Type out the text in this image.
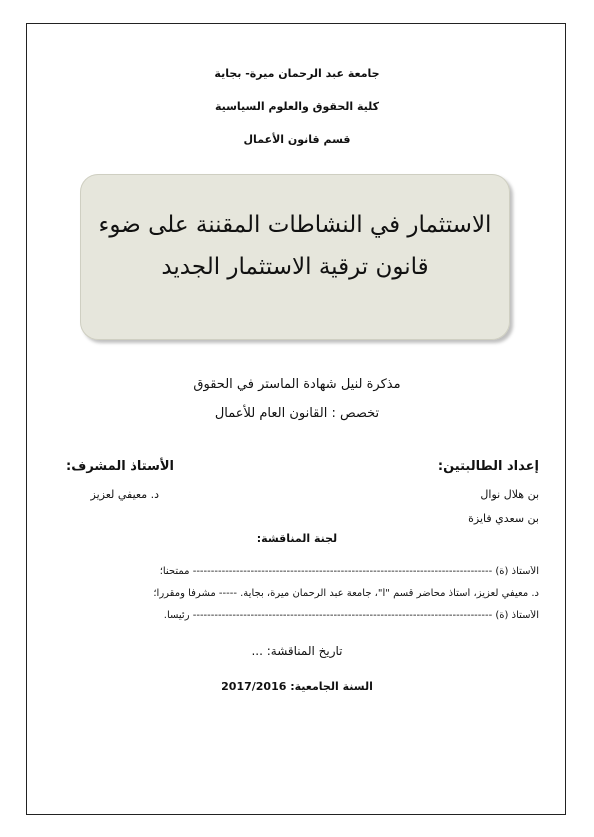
جامعة عبد الرحمان ميرة- بجاية
كلية الحقوق والعلوم السياسية
قسم قانون الأعمال
الاستثمار في النشاطات المقننة على ضوء
قانون ترقية الاستثمار الجديد
مذكرة لنيل شهادة الماستر في الحقوق
تخصص : القانون العام للأعمال
إعداد الطالبتين:
بن هلال نوال
بن سعدي فايزة
الأستاذ المشرف:
د. معيفي لعزيز
لجنة المناقشة:
الأستاذ (ة) ----------------------------------------------------------------------------------- ممتحنا؛
د. معيفي لعزيز، أستاذ محاضر قسم "أ"، جامعة عبد الرحمان ميرة، بجاية. ----- مشرفا ومقررا؛
الأستاذ (ة) ----------------------------------------------------------------------------------- رئيسا.
تاريخ المناقشة: ...
السنة الجامعية: 2017/2016
